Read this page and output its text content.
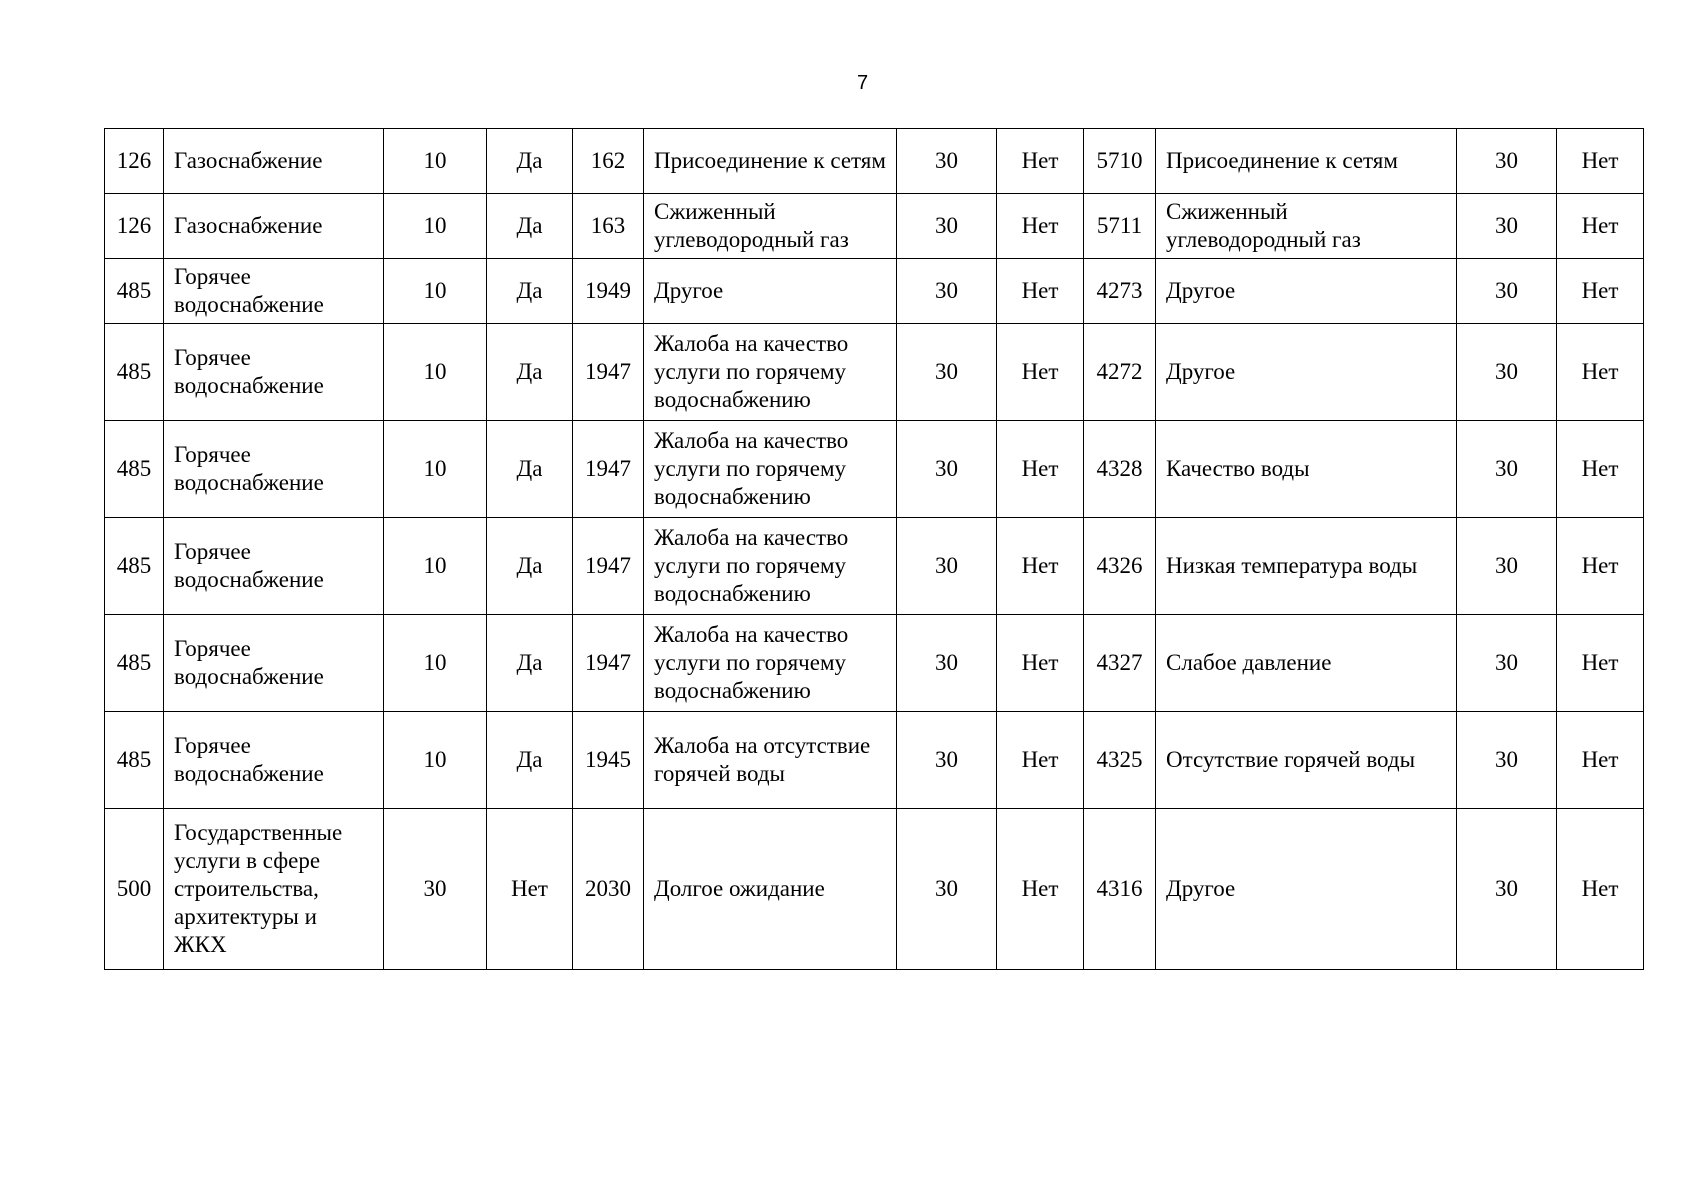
7
126	Газоснабжение	10	Да	162	Присоединение к сетям	30	Нет	5710	Присоединение к сетям	30	Нет
126	Газоснабжение	10	Да	163	Сжиженный углеводородный газ	30	Нет	5711	Сжиженный углеводородный газ	30	Нет
485	Горячее водоснабжение	10	Да	1949	Другое	30	Нет	4273	Другое	30	Нет
485	Горячее водоснабжение	10	Да	1947	Жалоба на качество услуги по горячему водоснабжению	30	Нет	4272	Другое	30	Нет
485	Горячее водоснабжение	10	Да	1947	Жалоба на качество услуги по горячему водоснабжению	30	Нет	4328	Качество воды	30	Нет
485	Горячее водоснабжение	10	Да	1947	Жалоба на качество услуги по горячему водоснабжению	30	Нет	4326	Низкая температура воды	30	Нет
485	Горячее водоснабжение	10	Да	1947	Жалоба на качество услуги по горячему водоснабжению	30	Нет	4327	Слабое давление	30	Нет
485	Горячее водоснабжение	10	Да	1945	Жалоба на отсутствие горячей воды	30	Нет	4325	Отсутствие горячей воды	30	Нет
500	Государственные услуги в сфере строительства, архитектуры и ЖКХ	30	Нет	2030	Долгое ожидание	30	Нет	4316	Другое	30	Нет
